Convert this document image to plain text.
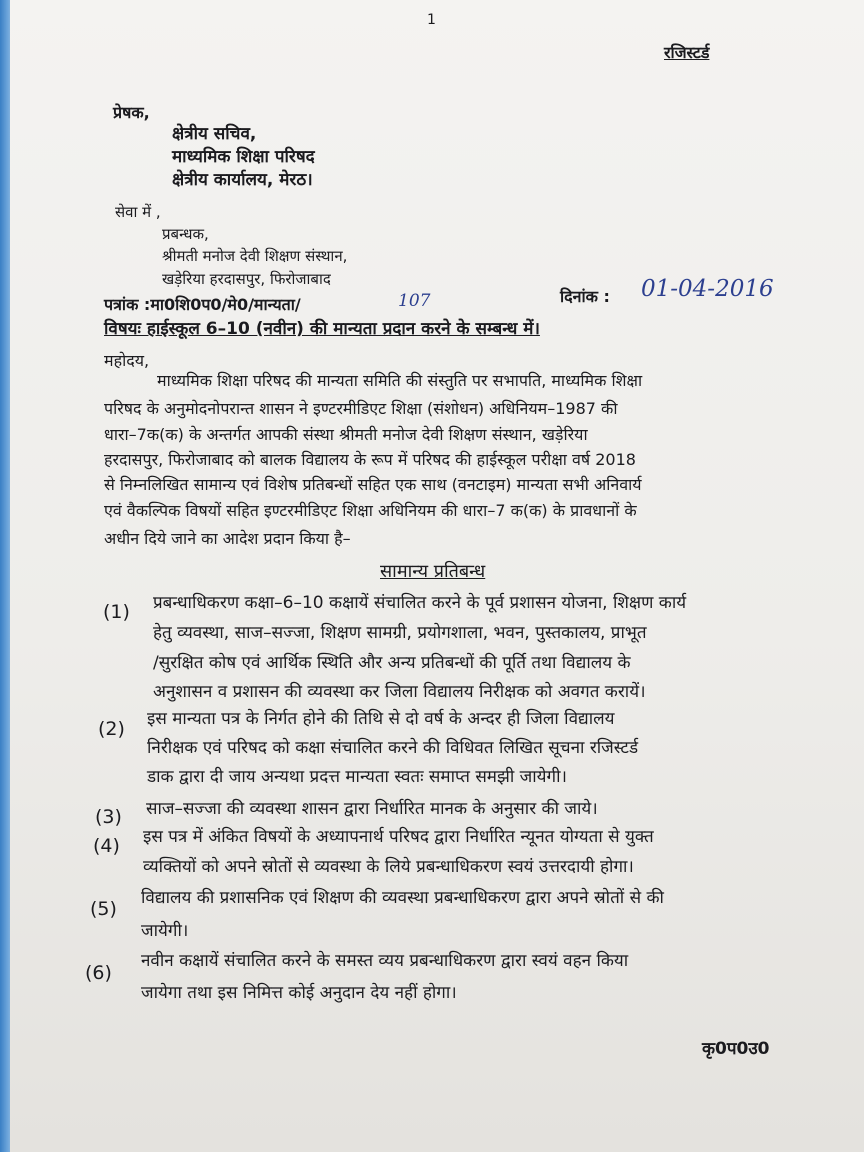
1
रजिस्टर्ड
प्रेषक,
क्षेत्रीय सचिव,
माध्यमिक शिक्षा परिषद
क्षेत्रीय कार्यालय, मेरठ।
सेवा में ,
प्रबन्धक,
श्रीमती मनोज देवी शिक्षण संस्थान,
खड़ेरिया हरदासपुर, फिरोजाबाद
पत्रांक :मा0शि0प0/मे0/मान्यता/	107	दिनांक : 01-04-2016
विषयः हाईस्कूल 6–10 (नवीन) की मान्यता प्रदान करने के सम्बन्ध में।
महोदय,
माध्यमिक शिक्षा परिषद की मान्यता समिति की संस्तुति पर सभापति, माध्यमिक शिक्षा
परिषद के अनुमोदनोपरान्त शासन ने इण्टरमीडिएट शिक्षा (संशोधन) अधिनियम–1987 की
धारा–7क(क) के अन्तर्गत आपकी संस्था श्रीमती मनोज देवी शिक्षण संस्थान, खड़ेरिया
हरदासपुर, फिरोजाबाद को बालक विद्यालय के रूप में परिषद की हाईस्कूल परीक्षा वर्ष 2018
से निम्नलिखित सामान्य एवं विशेष प्रतिबन्धों सहित एक साथ (वनटाइम) मान्यता सभी अनिवार्य
एवं वैकल्पिक विषयों सहित इण्टरमीडिएट शिक्षा अधिनियम की धारा–7 क(क) के प्रावधानों के
अधीन दिये जाने का आदेश प्रदान किया है–
सामान्य प्रतिबन्ध
(1) प्रबन्धाधिकरण कक्षा–6–10 कक्षायें संचालित करने के पूर्व प्रशासन योजना, शिक्षण कार्य
हेतु व्यवस्था, साज–सज्जा, शिक्षण सामग्री, प्रयोगशाला, भवन, पुस्तकालय, प्राभूत
/सुरक्षित कोष एवं आर्थिक स्थिति और अन्य प्रतिबन्धों की पूर्ति तथा विद्यालय के
अनुशासन व प्रशासन की व्यवस्था कर जिला विद्यालय निरीक्षक को अवगत करायें।
(2) इस मान्यता पत्र के निर्गत होने की तिथि से दो वर्ष के अन्दर ही जिला विद्यालय
निरीक्षक एवं परिषद को कक्षा संचालित करने की विधिवत लिखित सूचना रजिस्टर्ड
डाक द्वारा दी जाय अन्यथा प्रदत्त मान्यता स्वतः समाप्त समझी जायेगी।
(3) साज–सज्जा की व्यवस्था शासन द्वारा निर्धारित मानक के अनुसार की जाये।
(4) इस पत्र में अंकित विषयों के अध्यापनार्थ परिषद द्वारा निर्धारित न्यूनत योग्यता से युक्त
व्यक्तियों को अपने स्रोतों से व्यवस्था के लिये प्रबन्धाधिकरण स्वयं उत्तरदायी होगा।
(5) विद्यालय की प्रशासनिक एवं शिक्षण की व्यवस्था प्रबन्धाधिकरण द्वारा अपने स्रोतों से की
जायेगी।
(6)
नवीन कक्षायें संचालित करने के समस्त व्यय प्रबन्धाधिकरण द्वारा स्वयं वहन किया
जायेगा तथा इस निमित्त कोई अनुदान देय नहीं होगा।
कृ0प0उ0
